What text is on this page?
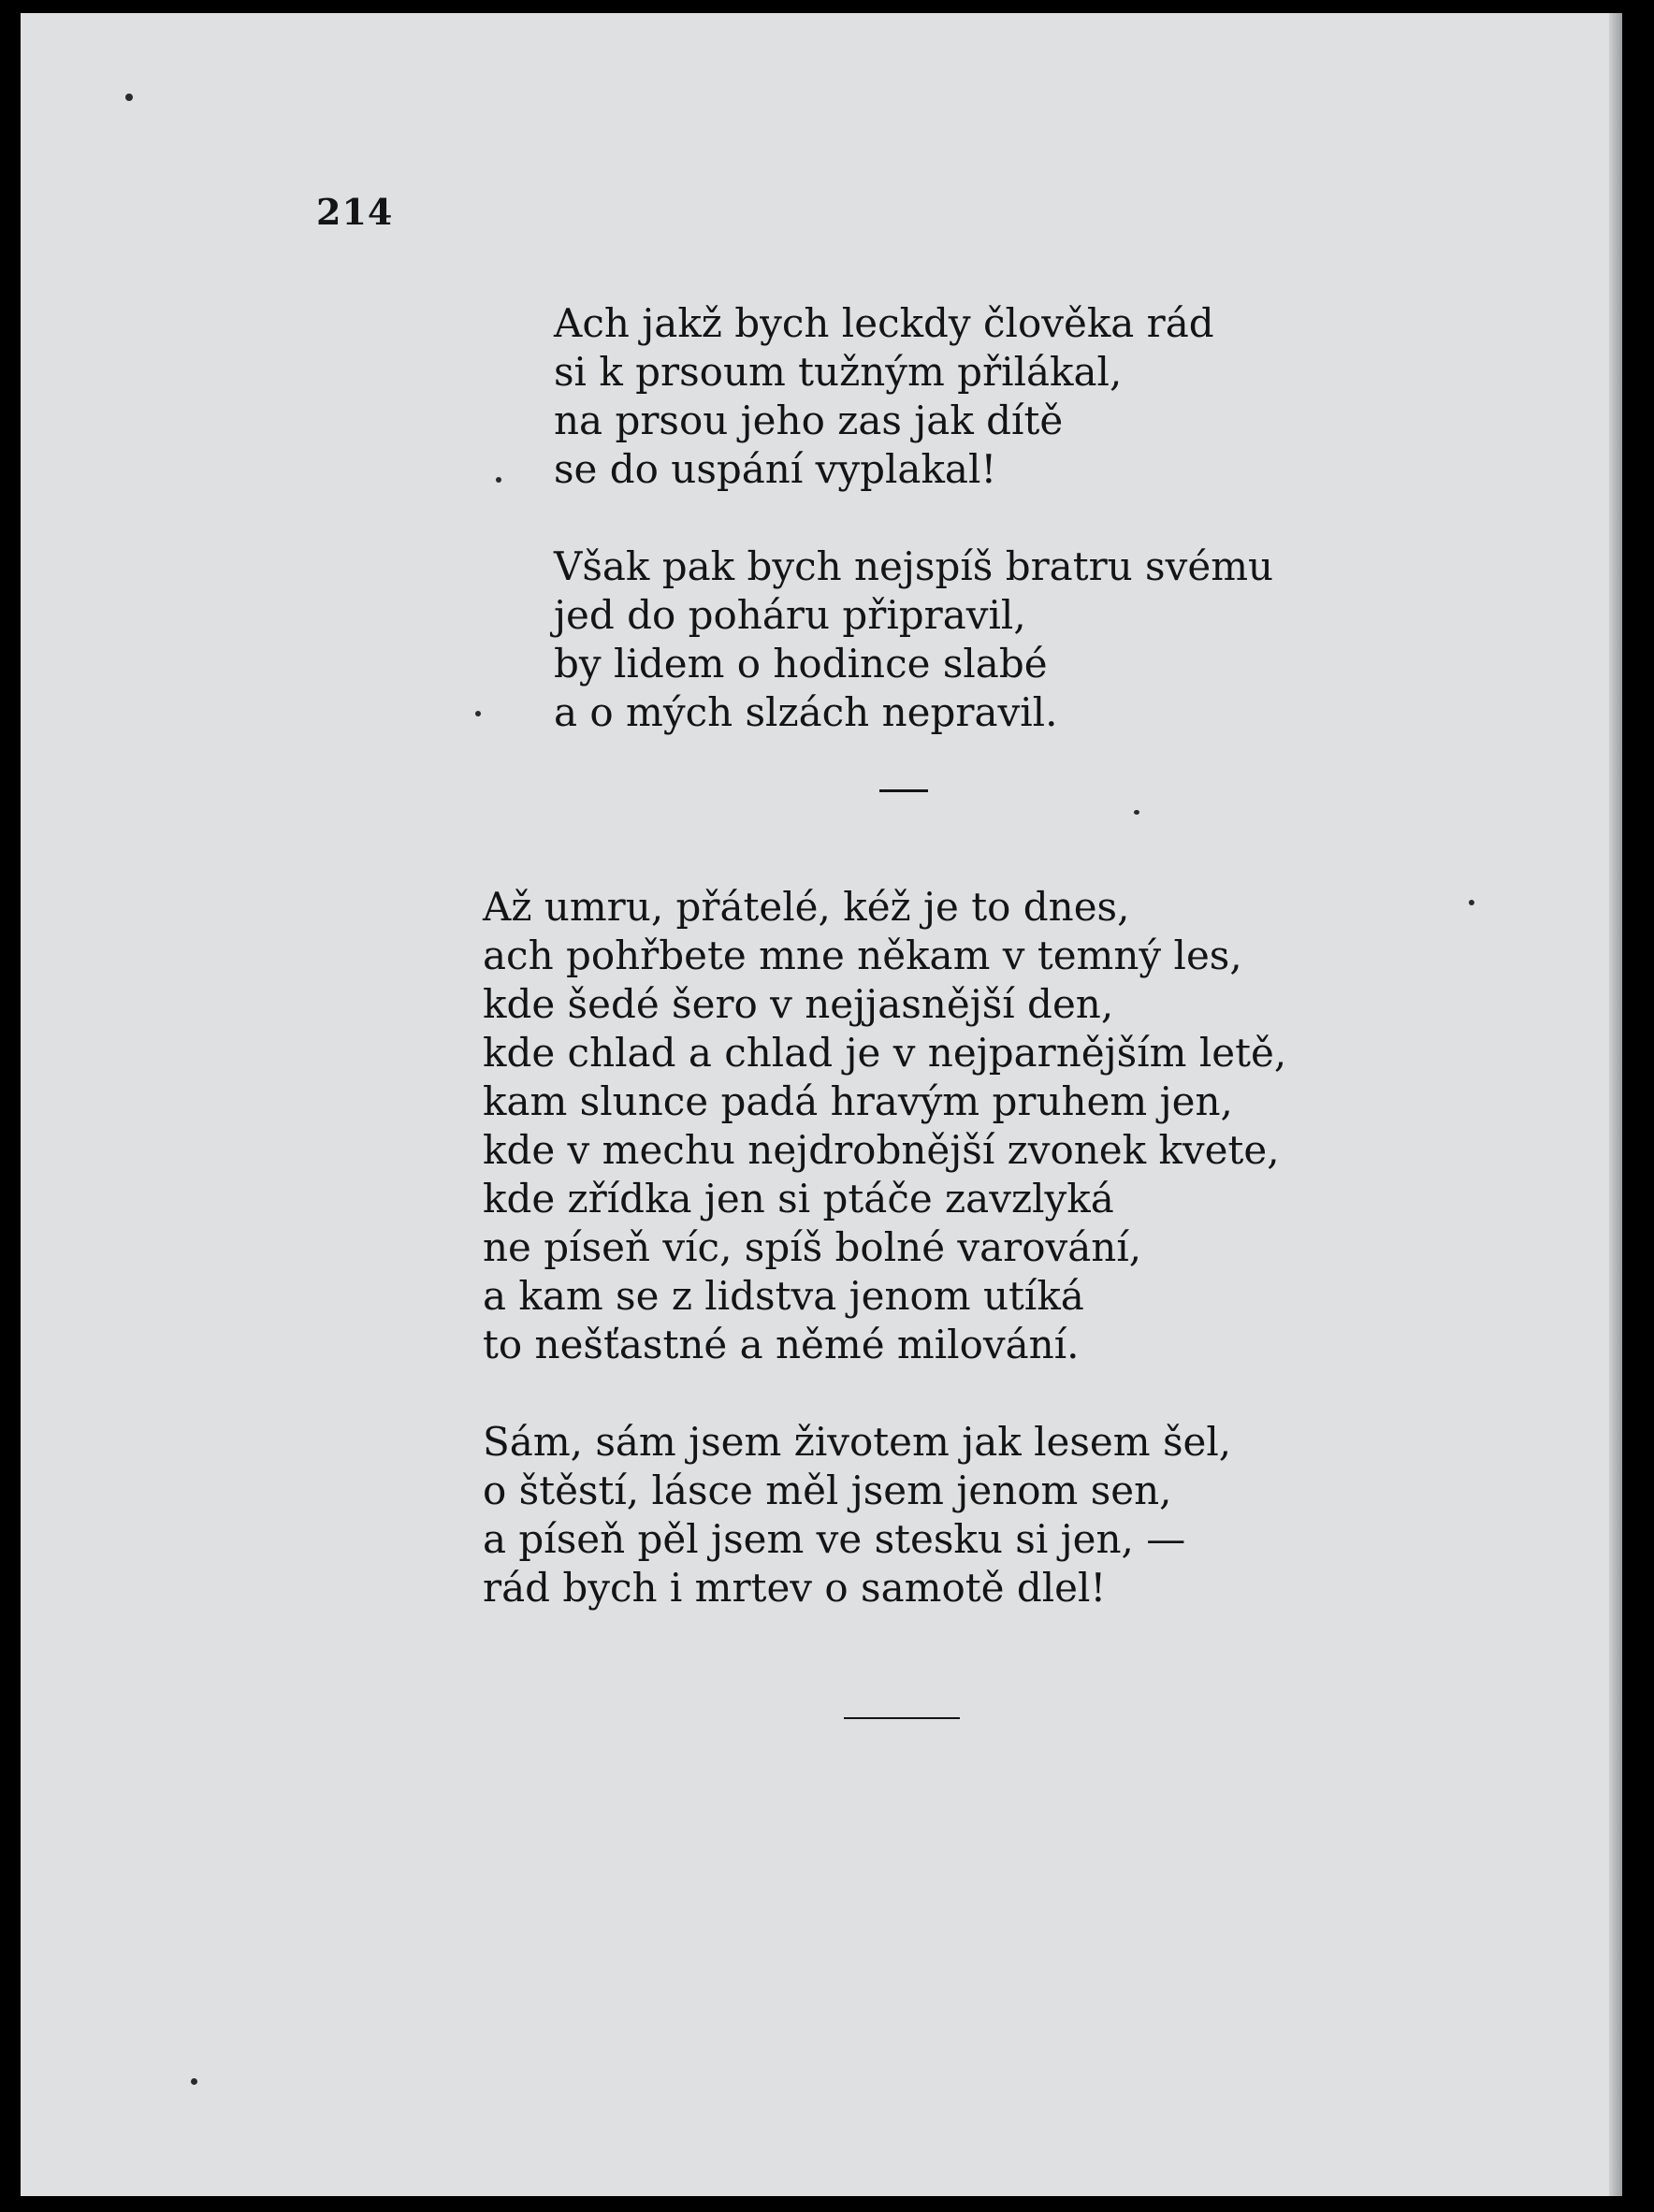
214

Ach jakž bych leckdy člověka rád
si k prsoum tužným přilákal,
na prsou jeho zas jak dítě
se do uspání vyplakal!

Však pak bych nejspíš bratru svému
jed do poháru připravil,
by lidem o hodince slabé
a o mých slzách nepravil.

Až umru, přátelé, kéž je to dnes,
ach pohřbete mne někam v temný les,
kde šedé šero v nejjasnější den,
kde chlad a chlad je v nejparnějším letě,
kam slunce padá hravým pruhem jen,
kde v mechu nejdrobnější zvonek kvete,
kde zřídka jen si ptáče zavzlyká
ne píseň víc, spíš bolné varování,
a kam se z lidstva jenom utíká
to nešťastné a němé milování.

Sám, sám jsem životem jak lesem šel,
o štěstí, lásce měl jsem jenom sen,
a píseň pěl jsem ve stesku si jen, —
rád bych i mrtev o samotě dlel!
